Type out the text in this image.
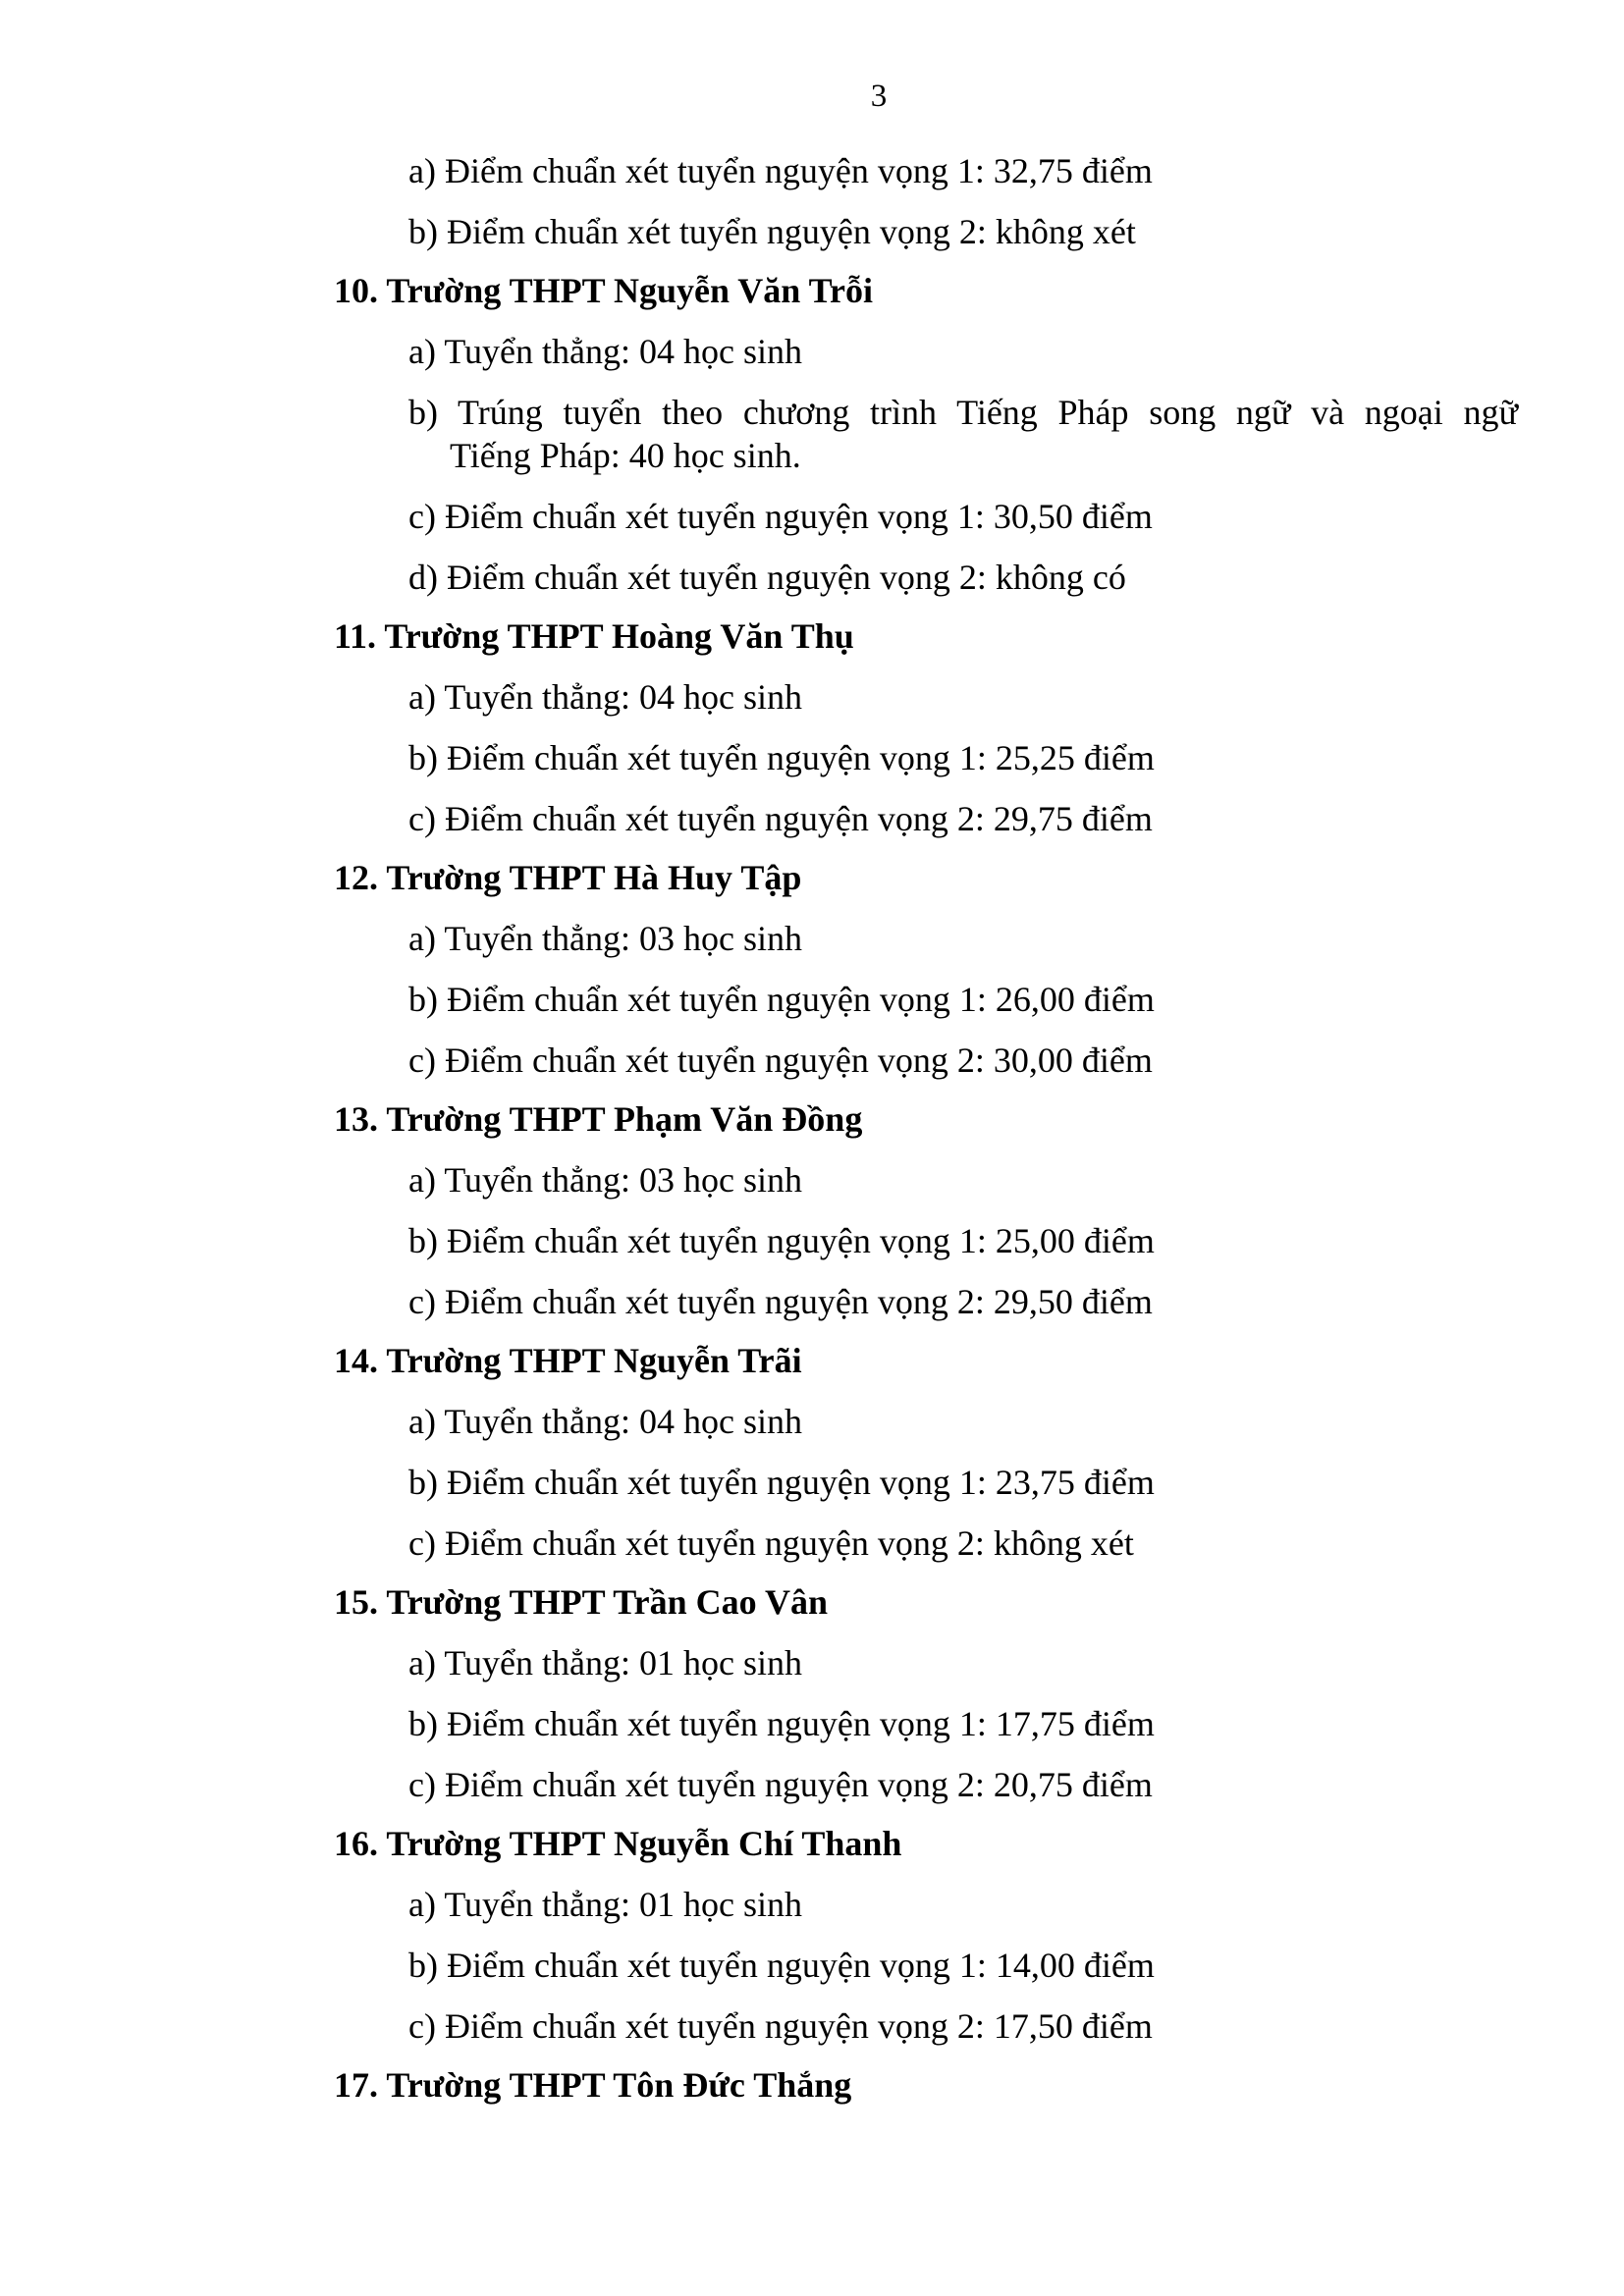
3
a) Điểm chuẩn xét tuyển nguyện vọng 1: 32,75 điểm
b) Điểm chuẩn xét tuyển nguyện vọng 2: không xét
10. Trường THPT Nguyễn Văn Trỗi
a) Tuyển thẳng: 04 học sinh
b) Trúng tuyển theo chương trình Tiếng Pháp song ngữ và ngoại ngữ
Tiếng Pháp: 40 học sinh.
c) Điểm chuẩn xét tuyển nguyện vọng 1: 30,50 điểm
d) Điểm chuẩn xét tuyển nguyện vọng 2: không có
11. Trường THPT Hoàng Văn Thụ
a) Tuyển thẳng: 04 học sinh
b) Điểm chuẩn xét tuyển nguyện vọng 1: 25,25 điểm
c) Điểm chuẩn xét tuyển nguyện vọng 2: 29,75 điểm
12. Trường THPT Hà Huy Tập
a) Tuyển thẳng: 03 học sinh
b) Điểm chuẩn xét tuyển nguyện vọng 1: 26,00 điểm
c) Điểm chuẩn xét tuyển nguyện vọng 2: 30,00 điểm
13. Trường THPT Phạm Văn Đồng
a) Tuyển thẳng: 03 học sinh
b) Điểm chuẩn xét tuyển nguyện vọng 1: 25,00 điểm
c) Điểm chuẩn xét tuyển nguyện vọng 2: 29,50 điểm
14. Trường THPT Nguyễn Trãi
a) Tuyển thẳng: 04 học sinh
b) Điểm chuẩn xét tuyển nguyện vọng 1: 23,75 điểm
c) Điểm chuẩn xét tuyển nguyện vọng 2: không xét
15. Trường THPT Trần Cao Vân
a) Tuyển thẳng: 01 học sinh
b) Điểm chuẩn xét tuyển nguyện vọng 1: 17,75 điểm
c) Điểm chuẩn xét tuyển nguyện vọng 2: 20,75 điểm
16. Trường THPT Nguyễn Chí Thanh
a) Tuyển thẳng: 01 học sinh
b) Điểm chuẩn xét tuyển nguyện vọng 1: 14,00 điểm
c) Điểm chuẩn xét tuyển nguyện vọng 2: 17,50 điểm
17. Trường THPT Tôn Đức Thắng
